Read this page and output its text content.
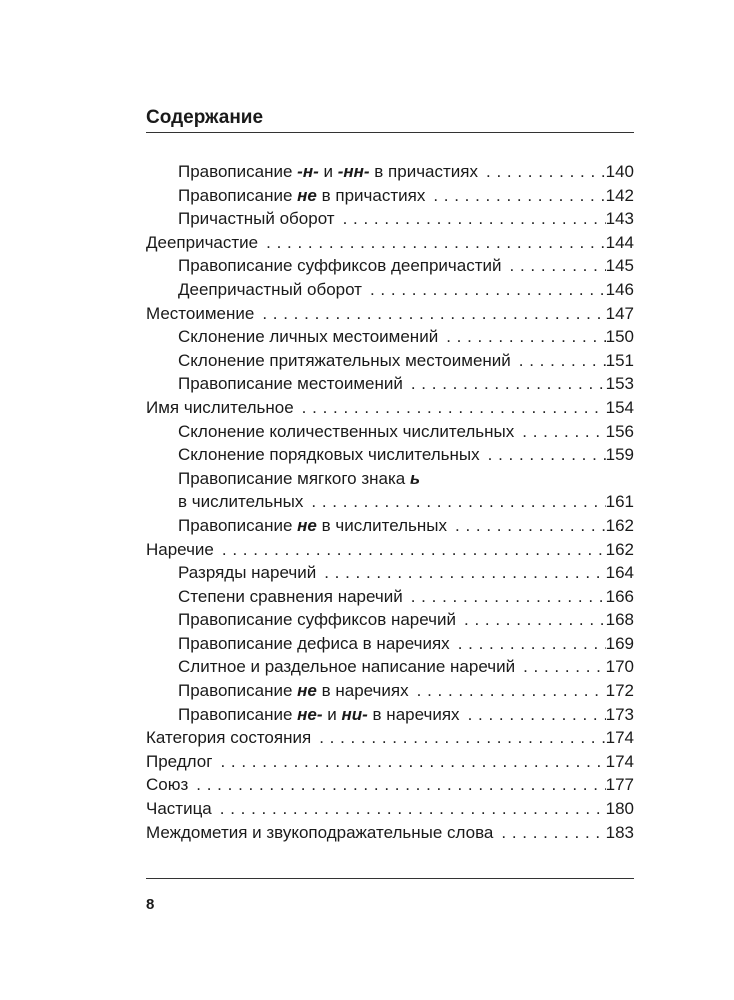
Содержание
Правописание -н- и -нн- в причастиях . . .	140
Правописание не в причастиях . . .	142
Причастный оборот . . .	143
Деепричастие . . .	144
Правописание суффиксов деепричастий . . .	145
Деепричастный оборот . . .	146
Местоимение . . .	147
Склонение личных местоимений . . .	150
Склонение притяжательных местоимений . . .	151
Правописание местоимений . . .	153
Имя числительное . . .	154
Склонение количественных числительных . . .	156
Склонение порядковых числительных . . .	159
Правописание мягкого знака ь
в числительных . . .	161
Правописание не в числительных . . .	162
Наречие . . .	162
Разряды наречий . . .	164
Степени сравнения наречий . . .	166
Правописание суффиксов наречий . . .	168
Правописание дефиса в наречиях . . .	169
Слитное и раздельное написание наречий . . .	170
Правописание не в наречиях . . .	172
Правописание не- и ни- в наречиях . . .	173
Категория состояния . . .	174
Предлог . . .	174
Союз . . .	177
Частица . . .	180
Междометия и звукоподражательные слова . . .	183
8
